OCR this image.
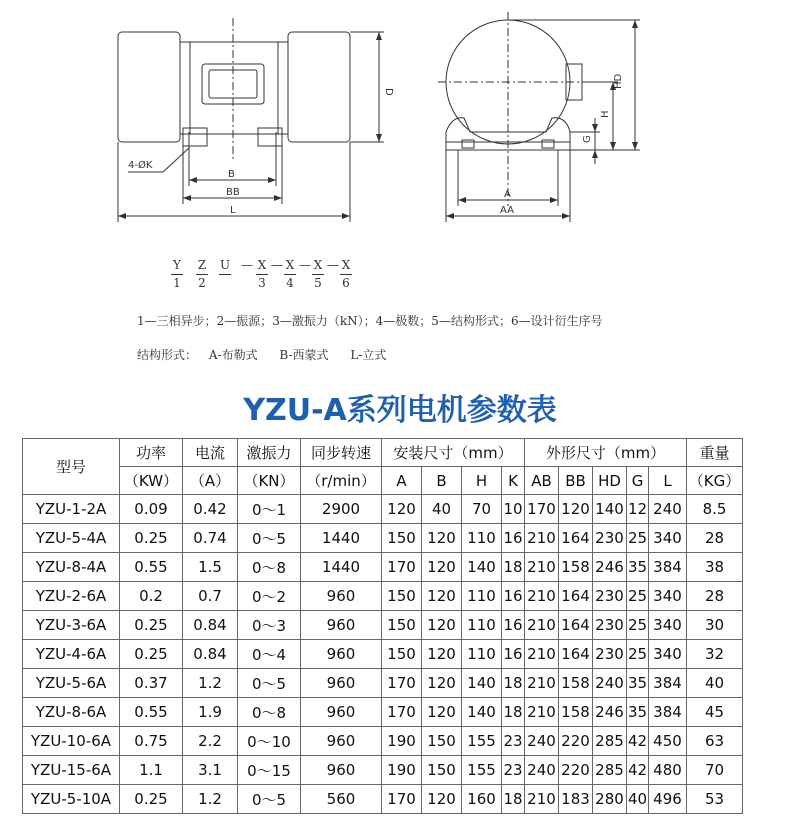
4-ØK
B
BB
L
D
A
AA
HD
H
G
Y
1
Z
2
U — X
3
— X
4
— X
5
— X
6
1—三相异步；2—振源；3—激振力（kN）；4—极数；5—结构形式；6—设计衍生序号
结构形式： A-布勒式 B-西蒙式 L-立式
YZU-A系列电机参数表
型号	功率	电流	激振力	同步转速	安装尺寸（mm）				外形尺寸（mm）					重量
	（KW）	（A）	（KN）	（r/min）	A	B	H	K	AB	BB	HD	G	L	（KG）
YZU-1-2A	0.09	0.42	0～1	2900	120	40	70	10	170	120	140	12	240	8.5
YZU-5-4A	0.25	0.74	0～5	1440	150	120	110	16	210	164	230	25	340	28
YZU-8-4A	0.55	1.5	0～8	1440	170	120	140	18	210	158	246	35	384	38
YZU-2-6A	0.2	0.7	0～2	960	150	120	110	16	210	164	230	25	340	28
YZU-3-6A	0.25	0.84	0～3	960	150	120	110	16	210	164	230	25	340	30
YZU-4-6A	0.25	0.84	0～4	960	150	120	110	16	210	164	230	25	340	32
YZU-5-6A	0.37	1.2	0～5	960	170	120	140	18	210	158	240	35	384	40
YZU-8-6A	0.55	1.9	0～8	960	170	120	140	18	210	158	246	35	384	45
YZU-10-6A	0.75	2.2	0～10	960	190	150	155	23	240	220	285	42	450	63
YZU-15-6A	1.1	3.1	0～15	960	190	150	155	23	240	220	285	42	480	70
YZU-5-10A	0.25	1.2	0～5	560	170	120	160	18	210	183	280	40	496	53
